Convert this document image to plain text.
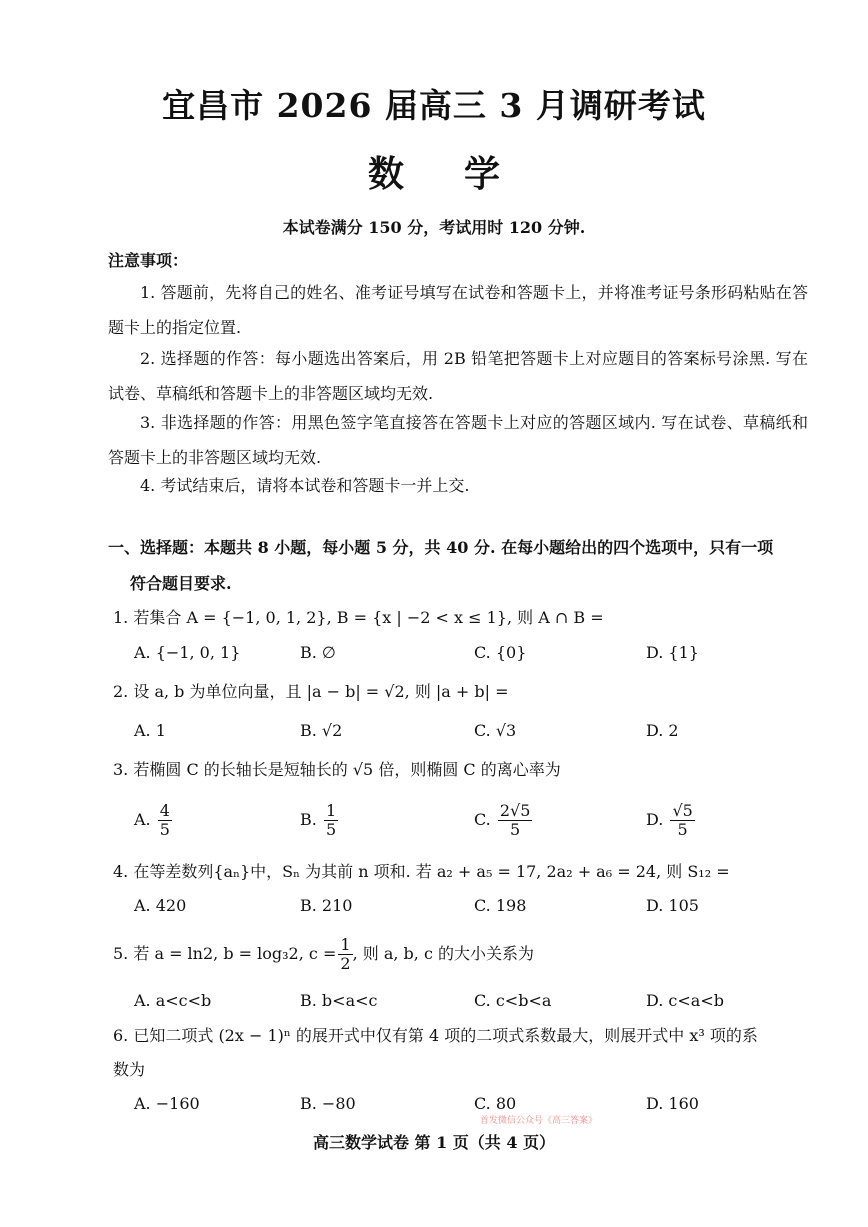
宜昌市 2026 届高三 3 月调研考试
数学
本试卷满分 150 分，考试用时 120 分钟.
注意事项：
1. 答题前，先将自己的姓名、准考证号填写在试卷和答题卡上，并将准考证号条形码粘贴在答题卡上的指定位置.
2. 选择题的作答：每小题选出答案后，用 2B 铅笔把答题卡上对应题目的答案标号涂黑. 写在试卷、草稿纸和答题卡上的非答题区域均无效.
3. 非选择题的作答：用黑色签字笔直接答在答题卡上对应的答题区域内. 写在试卷、草稿纸和答题卡上的非答题区域均无效.
4. 考试结束后，请将本试卷和答题卡一并上交.
一、选择题：本题共 8 小题，每小题 5 分，共 40 分. 在每小题给出的四个选项中，只有一项
符合题目要求.
1. 若集合 A = {−1, 0, 1, 2}, B = {x | −2 < x ≤ 1}, 则 A ∩ B =
A. {−1, 0, 1}	B. ∅	C. {0}	D. {1}
2. 设 a, b 为单位向量，且 |a − b| = √2, 则 |a + b| =
A. 1	B. √2	C. √3	D. 2
3. 若椭圆 C 的长轴长是短轴长的 √5 倍，则椭圆 C 的离心率为
A. $\frac{4}{5}$	B. $\frac{1}{5}$	C. $\frac{2√5}{5}$	D. $\frac{√5}{5}$
4. 在等差数列{aₙ}中，Sₙ 为其前 n 项和. 若 a₂ + a₅ = 17, 2a₂ + a₆ = 24, 则 S₁₂ =
A. 420	B. 210	C. 198	D. 105
5. 若 a = ln2, b = log₃2, $c = \frac{1}{2}$ , 则 a, b, c 的大小关系为
A. a<c<b	B. b<a<c	C. c<b<a	D. c<a<b
6. 已知二项式 (2x − 1)ⁿ 的展开式中仅有第 4 项的二项式系数最大，则展开式中 x³ 项的系
数为
A. −160	B. −80	C. 80	D. 160
首发微信公众号《高三答案》
高三数学试卷 第 1 页（共 4 页）
